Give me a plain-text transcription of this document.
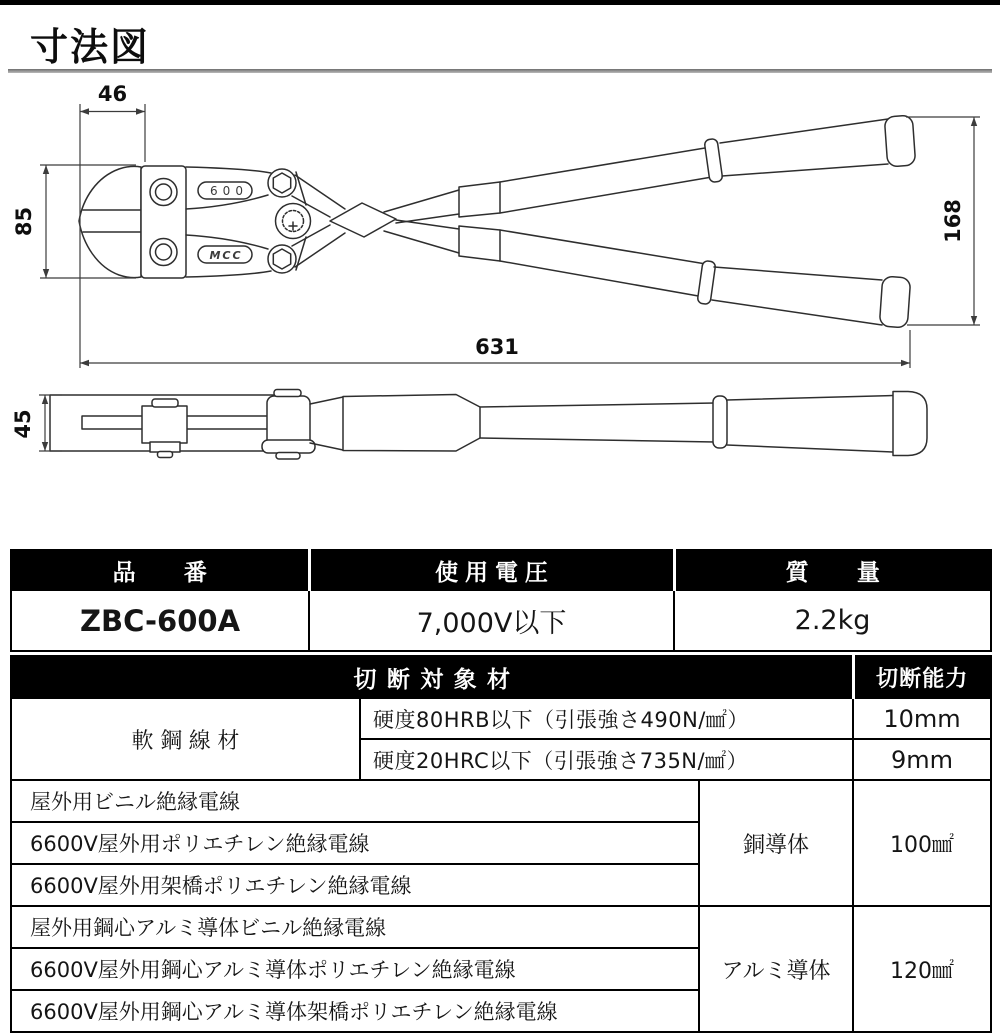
寸法図
600
MCC
46
85	168
631
45
品　番	使用電圧	質　量
ZBC-600A	7,000V以下	2.2kg
切断対象材			切断能力
軟鋼線材	硬度80HRB以下（引張強さ490N/㎟）		10mm
	硬度20HRC以下（引張強さ735N/㎟）		9mm
屋外用ビニル絶縁電線		銅導体	100㎟
6600V屋外用ポリエチレン絶縁電線			
6600V屋外用架橋ポリエチレン絶縁電線			
屋外用鋼心アルミ導体ビニル絶縁電線		アルミ導体	120㎟
6600V屋外用鋼心アルミ導体ポリエチレン絶縁電線			
6600V屋外用鋼心アルミ導体架橋ポリエチレン絶縁電線			
